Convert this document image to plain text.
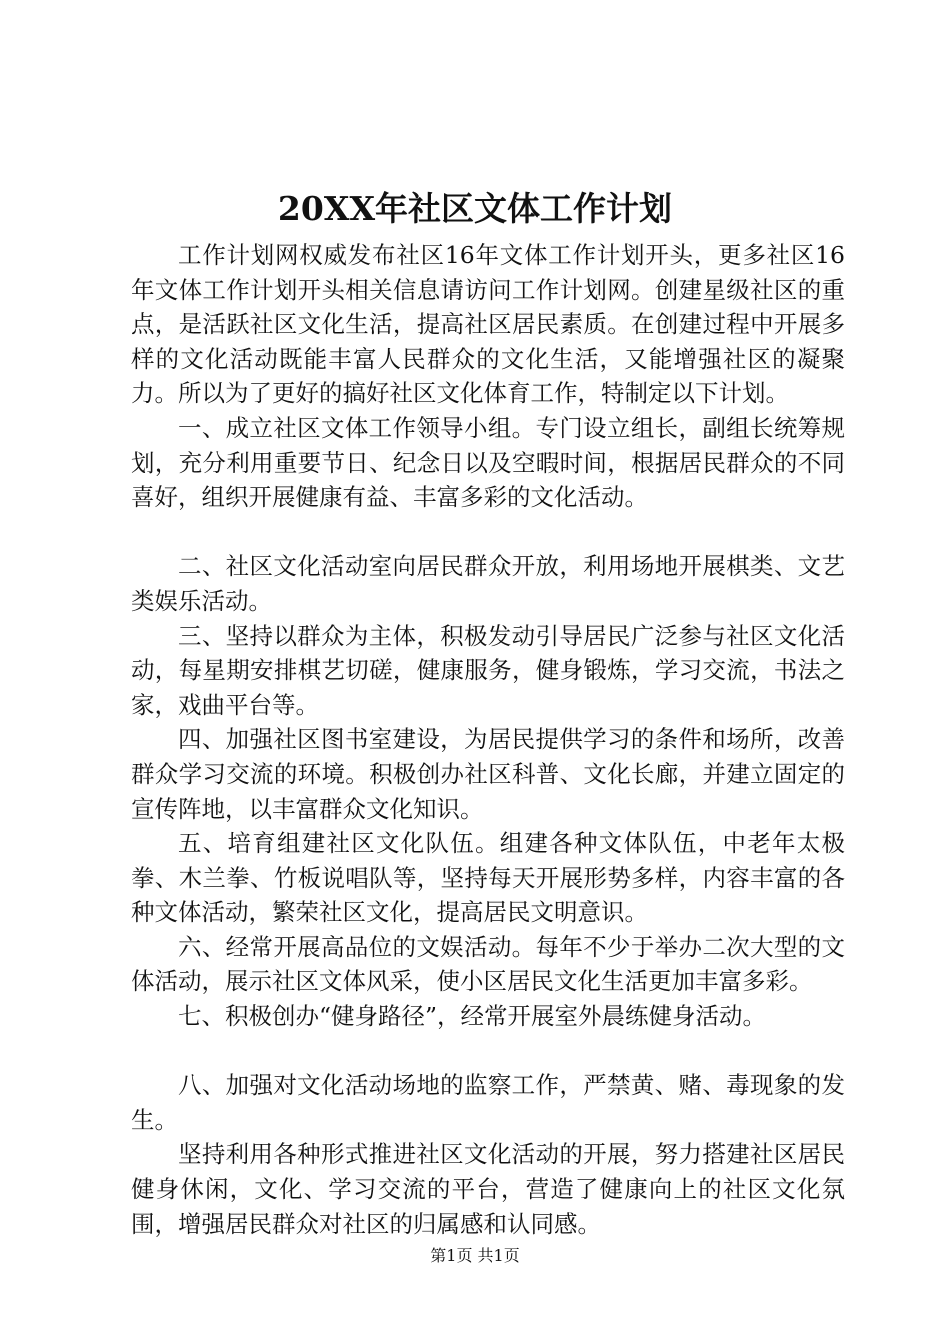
20XX年社区文体工作计划

工作计划网权威发布社区16年文体工作计划开头，更多社区16年文体工作计划开头相关信息请访问工作计划网。创建星级社区的重点，是活跃社区文化生活，提高社区居民素质。在创建过程中开展多样的文化活动既能丰富人民群众的文化生活，又能增强社区的凝聚力。所以为了更好的搞好社区文化体育工作，特制定以下计划。

一、成立社区文体工作领导小组。专门设立组长，副组长统筹规划，充分利用重要节日、纪念日以及空暇时间，根据居民群众的不同喜好，组织开展健康有益、丰富多彩的文化活动。

二、社区文化活动室向居民群众开放，利用场地开展棋类、文艺类娱乐活动。

三、坚持以群众为主体，积极发动引导居民广泛参与社区文化活动，每星期安排棋艺切磋，健康服务，健身锻炼，学习交流，书法之家，戏曲平台等。

四、加强社区图书室建设，为居民提供学习的条件和场所，改善群众学习交流的环境。积极创办社区科普、文化长廊，并建立固定的宣传阵地，以丰富群众文化知识。

五、培育组建社区文化队伍。组建各种文体队伍，中老年太极拳、木兰拳、竹板说唱队等，坚持每天开展形势多样，内容丰富的各种文体活动，繁荣社区文化，提高居民文明意识。

六、经常开展高品位的文娱活动。每年不少于举办二次大型的文体活动，展示社区文体风采，使小区居民文化生活更加丰富多彩。

七、积极创办“健身路径”，经常开展室外晨练健身活动。

八、加强对文化活动场地的监察工作，严禁黄、赌、毒现象的发生。

坚持利用各种形式推进社区文化活动的开展，努力搭建社区居民健身休闲，文化、学习交流的平台，营造了健康向上的社区文化氛围，增强居民群众对社区的归属感和认同感。

第1页 共1页
